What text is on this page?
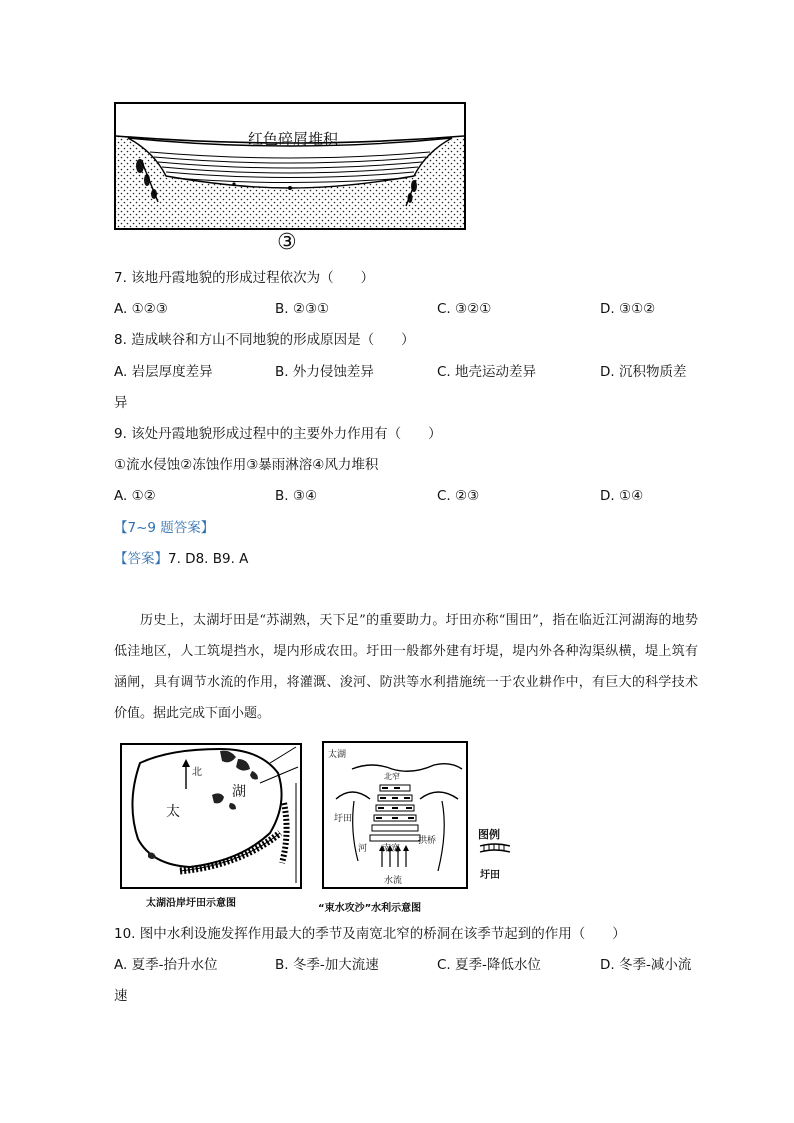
红色碎屑堆积
③
7. 该地丹霞地貌的形成过程依次为（　　）
A. ①②③	B. ②③①	C. ③②①	D. ③①②
8. 造成峡谷和方山不同地貌的形成原因是（　　）
A. 岩层厚度差异	B. 外力侵蚀差异	C. 地壳运动差异	D. 沉积物质差
异
9. 该处丹霞地貌形成过程中的主要外力作用有（　　）
①流水侵蚀②冻蚀作用③暴雨淋溶④风力堆积
A. ①②	B. ③④	C. ②③	D. ①④
【7~9 题答案】
【答案】7. D8. B9. A

历史上，太湖圩田是“苏湖熟，天下足”的重要助力。圩田亦称“围田”，指在临近江河湖海的地势低洼地区，人工筑堤挡水，堤内形成农田。圩田一般都外建有圩堤，堤内外各种沟渠纵横，堤上筑有涵闸，具有调节水流的作用，将灌溉、浚河、防洪等水利措施统一于农业耕作中，有巨大的科学技术价值。据此完成下面小题。

北
太
湖
太湖沿岸圩田示意图
太湖
北窄
圩田
拱桥
河 南宽
水流
“束水攻沙”水利示意图
图例
圩田
10. 图中水利设施发挥作用最大的季节及南宽北窄的桥洞在该季节起到的作用（　　）
A. 夏季-抬升水位	B. 冬季-加大流速	C. 夏季-降低水位	D. 冬季-减小流
速
